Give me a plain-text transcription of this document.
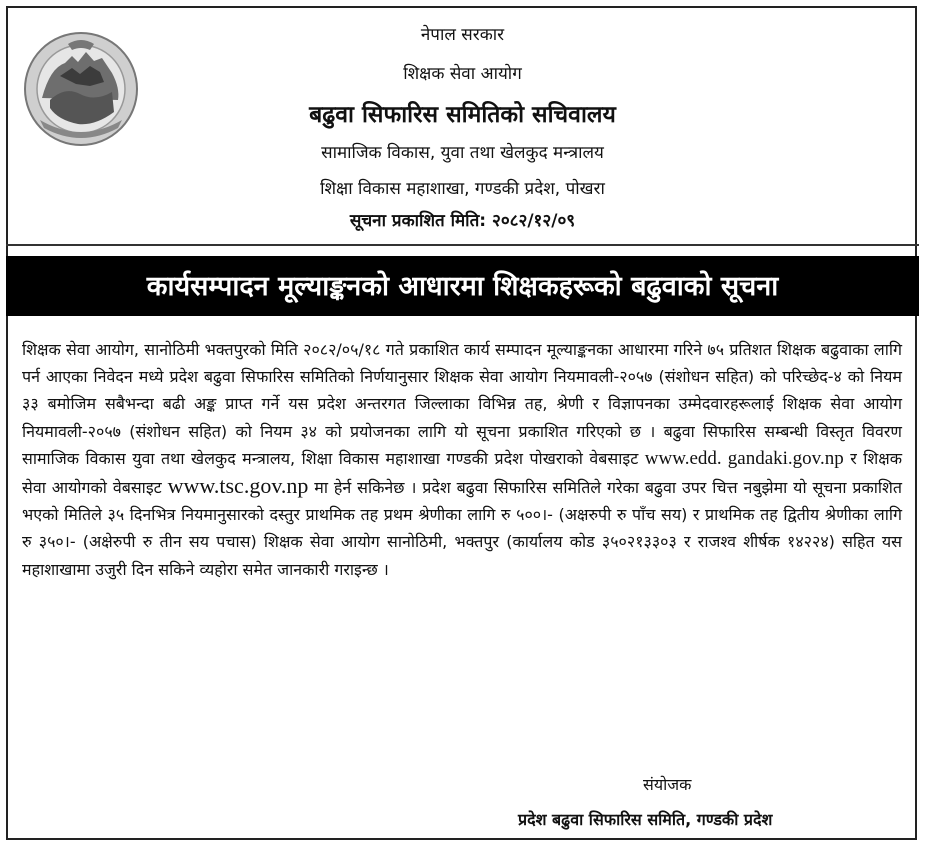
नेपाल सरकार
शिक्षक सेवा आयोग
बढुवा सिफारिस समितिको सचिवालय
सामाजिक विकास, युवा तथा खेलकुद मन्त्रालय
शिक्षा विकास महाशाखा, गण्डकी प्रदेश, पोखरा
सूचना प्रकाशित मिति: २०८२/१२/०९
कार्यसम्पादन मूल्याङ्कनको आधारमा शिक्षकहरूको बढुवाको सूचना
शिक्षक सेवा आयोग, सानोठिमी भक्तपुरको मिति २०८२/०५/१८ गते प्रकाशित कार्य सम्पादन मूल्याङ्कनका आधारमा गरिने ७५ प्रतिशत शिक्षक बढुवाका लागि पर्न आएका निवेदन मध्ये प्रदेश बढुवा सिफारिस समितिको निर्णयानुसार शिक्षक सेवा आयोग नियमावली-२०५७ (संशोधन सहित) को परिच्छेद-४ को नियम ३३ बमोजिम सबैभन्दा बढी अङ्क प्राप्त गर्ने यस प्रदेश अन्तरगत जिल्लाका विभिन्न तह, श्रेणी र विज्ञापनका उम्मेदवारहरूलाई शिक्षक सेवा आयोग नियमावली-२०५७ (संशोधन सहित) को नियम ३४ को प्रयोजनका लागि यो सूचना प्रकाशित गरिएको छ । बढुवा सिफारिस सम्बन्धी विस्तृत विवरण सामाजिक विकास युवा तथा खेलकुद मन्त्रालय, शिक्षा विकास महाशाखा गण्डकी प्रदेश पोखराको वेबसाइट www.edd. gandaki.gov.np र शिक्षक सेवा आयोगको वेबसाइट www.tsc.gov.np मा हेर्न सकिनेछ । प्रदेश बढुवा सिफारिस समितिले गरेका बढुवा उपर चित्त नबुझेमा यो सूचना प्रकाशित भएको मितिले ३५ दिनभित्र नियमानुसारको दस्तुर प्राथमिक तह प्रथम श्रेणीका लागि रु ५००।- (अक्षरुपी रु पाँच सय) र प्राथमिक तह द्वितीय श्रेणीका लागि रु ३५०।- (अक्षेरुपी रु तीन सय पचास) शिक्षक सेवा आयोग सानोठिमी, भक्तपुर (कार्यालय कोड ३५०२१३३०३ र राजश्व शीर्षक १४२२४) सहित यस महाशाखामा उजुरी दिन सकिने व्यहोरा समेत जानकारी गराइन्छ ।
संयोजक
प्रदेश बढुवा सिफारिस समिति, गण्डकी प्रदेश
